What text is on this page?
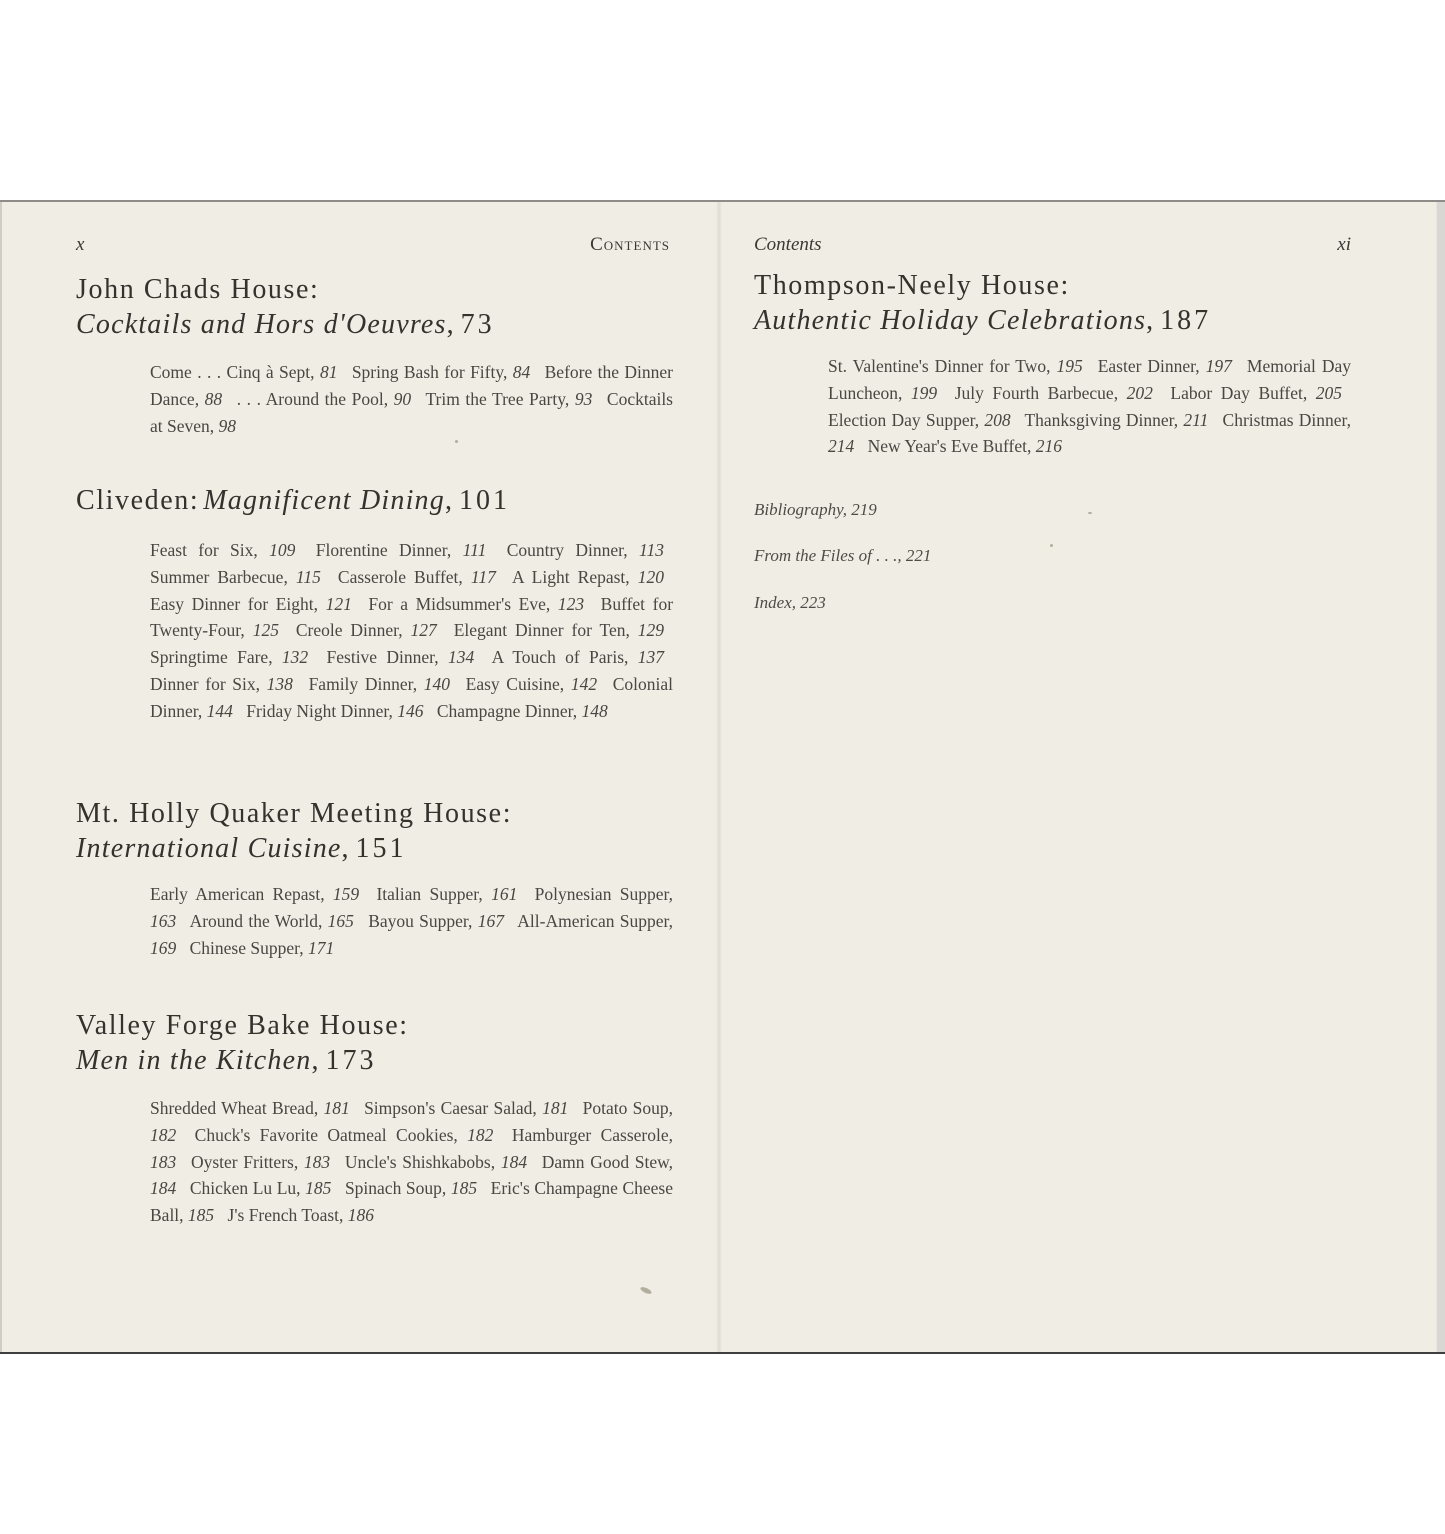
x	Contents
John Chads House:
Cocktails and Hors d'Oeuvres, 73

Come . . . Cinq à Sept, 81 Spring Bash for Fifty, 84 Before the Dinner Dance, 88 . . . Around the Pool, 90 Trim the Tree Party, 93 Cocktails at Seven, 98

Cliveden: Magnificent Dining, 101

Feast for Six, 109 Florentine Dinner, 111 Country Dinner, 113 Summer Barbecue, 115 Casserole Buffet, 117 A Light Repast, 120 Easy Dinner for Eight, 121 For a Midsummer's Eve, 123 Buffet for Twenty-Four, 125 Creole Dinner, 127 Elegant Dinner for Ten, 129 Springtime Fare, 132 Festive Dinner, 134 A Touch of Paris, 137 Dinner for Six, 138 Family Dinner, 140 Easy Cuisine, 142 Colonial Dinner, 144 Friday Night Dinner, 146 Champagne Dinner, 148

Mt. Holly Quaker Meeting House:
International Cuisine, 151

Early American Repast, 159 Italian Supper, 161 Polynesian Supper, 163 Around the World, 165 Bayou Supper, 167 All-American Supper, 169 Chinese Supper, 171

Valley Forge Bake House:
Men in the Kitchen, 173

Shredded Wheat Bread, 181 Simpson's Caesar Salad, 181 Potato Soup, 182 Chuck's Favorite Oatmeal Cookies, 182 Hamburger Casserole, 183 Oyster Fritters, 183 Uncle's Shishkabobs, 184 Damn Good Stew, 184 Chicken Lu Lu, 185 Spinach Soup, 185 Eric's Champagne Cheese Ball, 185 J's French Toast, 186

Contents	xi
Thompson-Neely House:
Authentic Holiday Celebrations, 187

St. Valentine's Dinner for Two, 195 Easter Dinner, 197 Memorial Day Luncheon, 199 July Fourth Barbecue, 202 Labor Day Buffet, 205 Election Day Supper, 208 Thanksgiving Dinner, 211 Christmas Dinner, 214 New Year's Eve Buffet, 216

Bibliography, 219
From the Files of . . ., 221
Index, 223
